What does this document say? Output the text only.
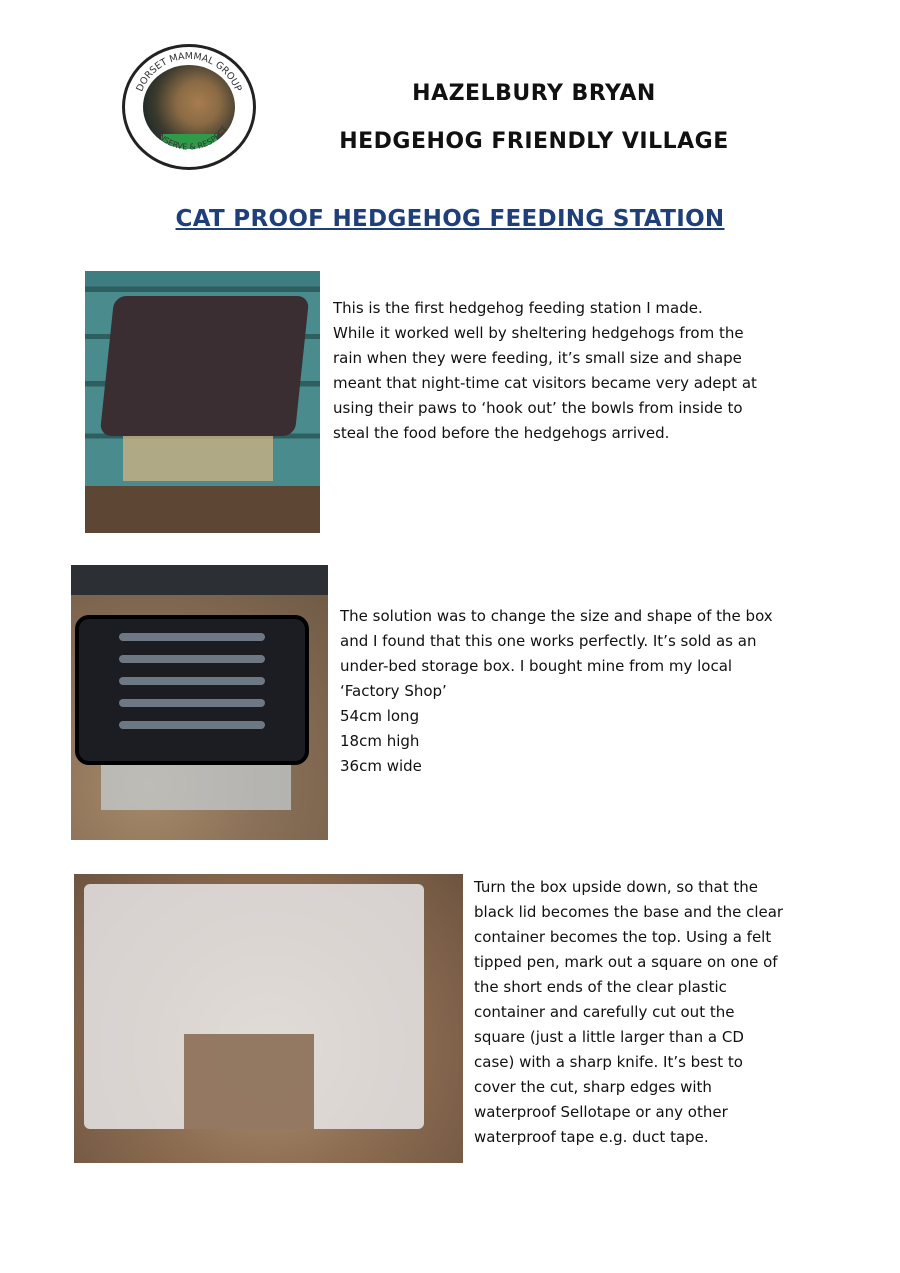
DORSET MAMMAL GROUP
CONSERVE & RESPECT
HAZELBURY BRYAN
HEDGEHOG FRIENDLY VILLAGE
CAT PROOF HEDGEHOG FEEDING STATION
This is the first hedgehog feeding station I made.
While it worked well by sheltering hedgehogs from the
rain when they were feeding, it’s small size and shape
meant that night-time cat visitors became very adept at
using their paws to ‘hook out’ the bowls from inside to
steal the food before the hedgehogs arrived.
The solution was to change the size and shape of the box
and I found that this one works perfectly. It’s sold as an
under-bed storage box. I bought mine from my local
‘Factory Shop’
54cm long
18cm high
36cm wide
Turn the box upside down, so that the
black lid becomes the base and the clear
container becomes the top. Using a felt
tipped pen, mark out a square on one of
the short ends of the clear plastic
container and carefully cut out the
square (just a little larger than a CD
case) with a sharp knife. It’s best to
cover the cut, sharp edges with
waterproof Sellotape or any other
waterproof tape e.g. duct tape.
